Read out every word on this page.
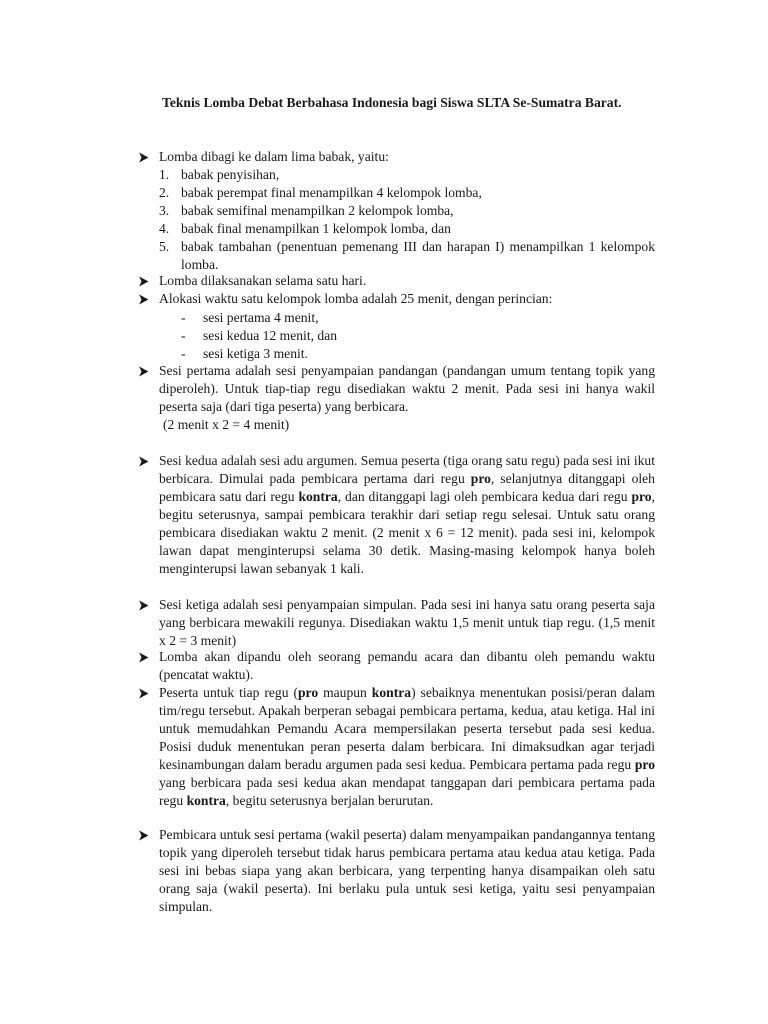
Teknis Lomba Debat Berbahasa Indonesia bagi Siswa SLTA Se-Sumatra Barat.

Lomba dibagi ke dalam lima babak, yaitu:
1. babak penyisihan,
2. babak perempat final menampilkan 4 kelompok lomba,
3. babak semifinal menampilkan 2 kelompok lomba,
4. babak final menampilkan 1 kelompok lomba, dan
5. babak tambahan (penentuan pemenang III dan harapan I) menampilkan 1 kelompok lomba.
Lomba dilaksanakan selama satu hari.
Alokasi waktu satu kelompok lomba adalah 25 menit, dengan perincian:
- sesi pertama 4 menit,
- sesi kedua 12 menit, dan
- sesi ketiga 3 menit.
Sesi pertama adalah sesi penyampaian pandangan (pandangan umum tentang topik yang diperoleh). Untuk tiap-tiap regu disediakan waktu 2 menit. Pada sesi ini hanya wakil peserta saja (dari tiga peserta) yang berbicara.
(2 menit x 2 = 4 menit)
Sesi kedua adalah sesi adu argumen. Semua peserta (tiga orang satu regu) pada sesi ini ikut berbicara. Dimulai pada pembicara pertama dari regu pro, selanjutnya ditanggapi oleh pembicara satu dari regu kontra, dan ditanggapi lagi oleh pembicara kedua dari regu pro, begitu seterusnya, sampai pembicara terakhir dari setiap regu selesai. Untuk satu orang pembicara disediakan waktu 2 menit. (2 menit x 6 = 12 menit). pada sesi ini, kelompok lawan dapat menginterupsi selama 30 detik. Masing-masing kelompok hanya boleh menginterupsi lawan sebanyak 1 kali.
Sesi ketiga adalah sesi penyampaian simpulan. Pada sesi ini hanya satu orang peserta saja yang berbicara mewakili regunya. Disediakan waktu 1,5 menit untuk tiap regu. (1,5 menit x 2 = 3 menit)
Lomba akan dipandu oleh seorang pemandu acara dan dibantu oleh pemandu waktu (pencatat waktu).
Peserta untuk tiap regu (pro maupun kontra) sebaiknya menentukan posisi/peran dalam tim/regu tersebut. Apakah berperan sebagai pembicara pertama, kedua, atau ketiga. Hal ini untuk memudahkan Pemandu Acara mempersilakan peserta tersebut pada sesi kedua. Posisi duduk menentukan peran peserta dalam berbicara. Ini dimaksudkan agar terjadi kesinambungan dalam beradu argumen pada sesi kedua. Pembicara pertama pada regu pro yang berbicara pada sesi kedua akan mendapat tanggapan dari pembicara pertama pada regu kontra, begitu seterusnya berjalan berurutan.
Pembicara untuk sesi pertama (wakil peserta) dalam menyampaikan pandangannya tentang topik yang diperoleh tersebut tidak harus pembicara pertama atau kedua atau ketiga. Pada sesi ini bebas siapa yang akan berbicara, yang terpenting hanya disampaikan oleh satu orang saja (wakil peserta). Ini berlaku pula untuk sesi ketiga, yaitu sesi penyampaian simpulan.
